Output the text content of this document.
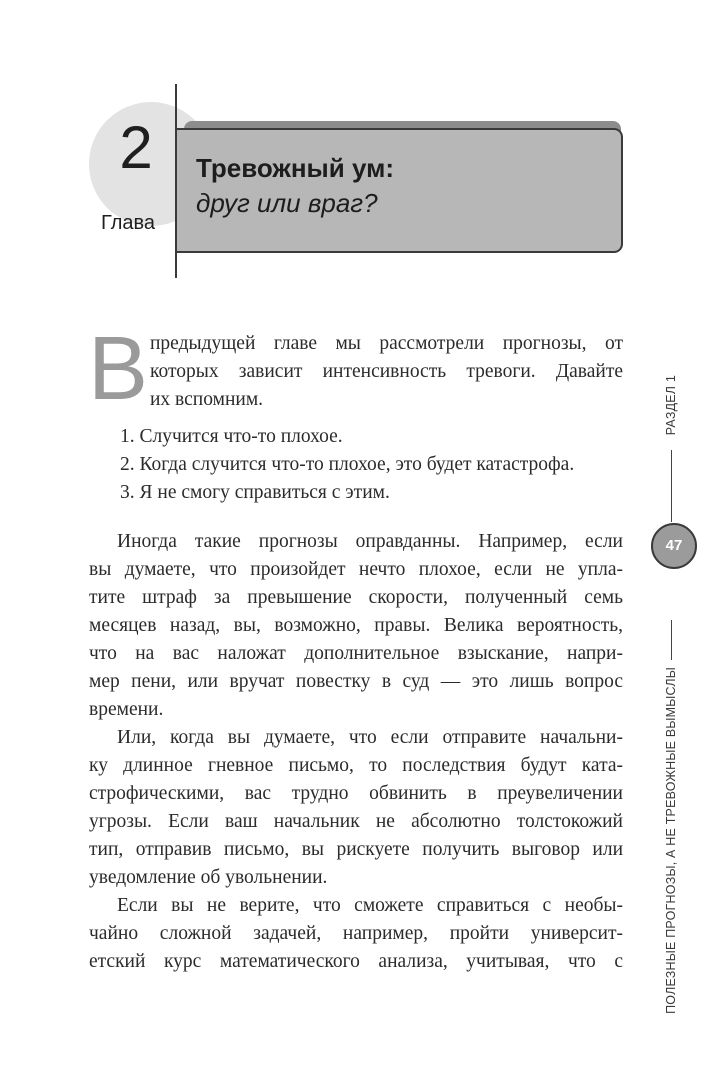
2
Глава
Тревожный ум:
друг или враг?
В предыдущей главе мы рассмотрели прогнозы, от
которых зависит интенсивность тревоги. Давайте
их вспомним.
1. Случится что-то плохое.
2. Когда случится что-то плохое, это будет катастрофа.
3. Я не смогу справиться с этим.
Иногда такие прогнозы оправданны. Например, если
вы думаете, что произойдет нечто плохое, если не упла-
тите штраф за превышение скорости, полученный семь
месяцев назад, вы, возможно, правы. Велика вероятность,
что на вас наложат дополнительное взыскание, напри-
мер пени, или вручат повестку в суд — это лишь вопрос
времени.
Или, когда вы думаете, что если отправите начальни-
ку длинное гневное письмо, то последствия будут ката-
строфическими, вас трудно обвинить в преувеличении
угрозы. Если ваш начальник не абсолютно толстокожий
тип, отправив письмо, вы рискуете получить выговор или
уведомление об увольнении.
Если вы не верите, что сможете справиться с необы-
чайно сложной задачей, например, пройти университ-
етский курс математического анализа, учитывая, что с
РАЗДЕЛ 1
47
ПОЛЕЗНЫЕ ПРОГНОЗЫ, А НЕ ТРЕВОЖНЫЕ ВЫМЫСЛЫ
